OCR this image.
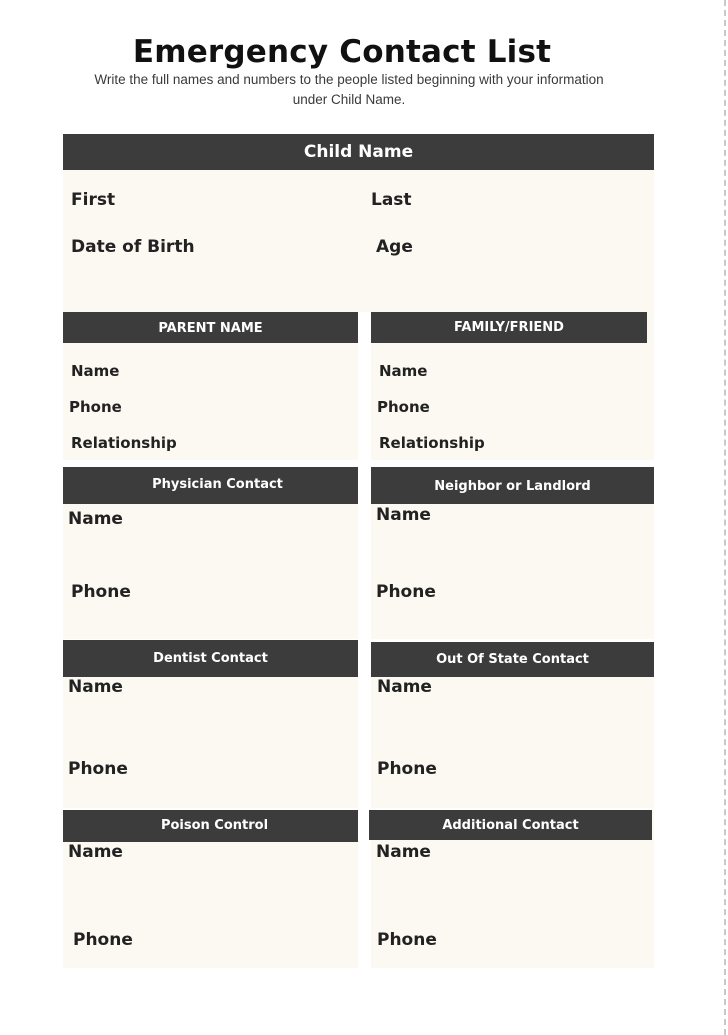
Emergency Contact List
Write the full names and numbers to the people listed beginning with your information under Child Name.
Child Name
First	Last
Date of Birth	Age
PARENT NAME
Name
Phone
Relationship
FAMILY/FRIEND
Name
Phone
Relationship
Physician Contact
Name
Phone
Neighbor or Landlord
Name
Phone
Dentist Contact
Name
Phone
Out Of State Contact
Name
Phone
Poison Control
Name
Phone
Additional Contact
Name
Phone
